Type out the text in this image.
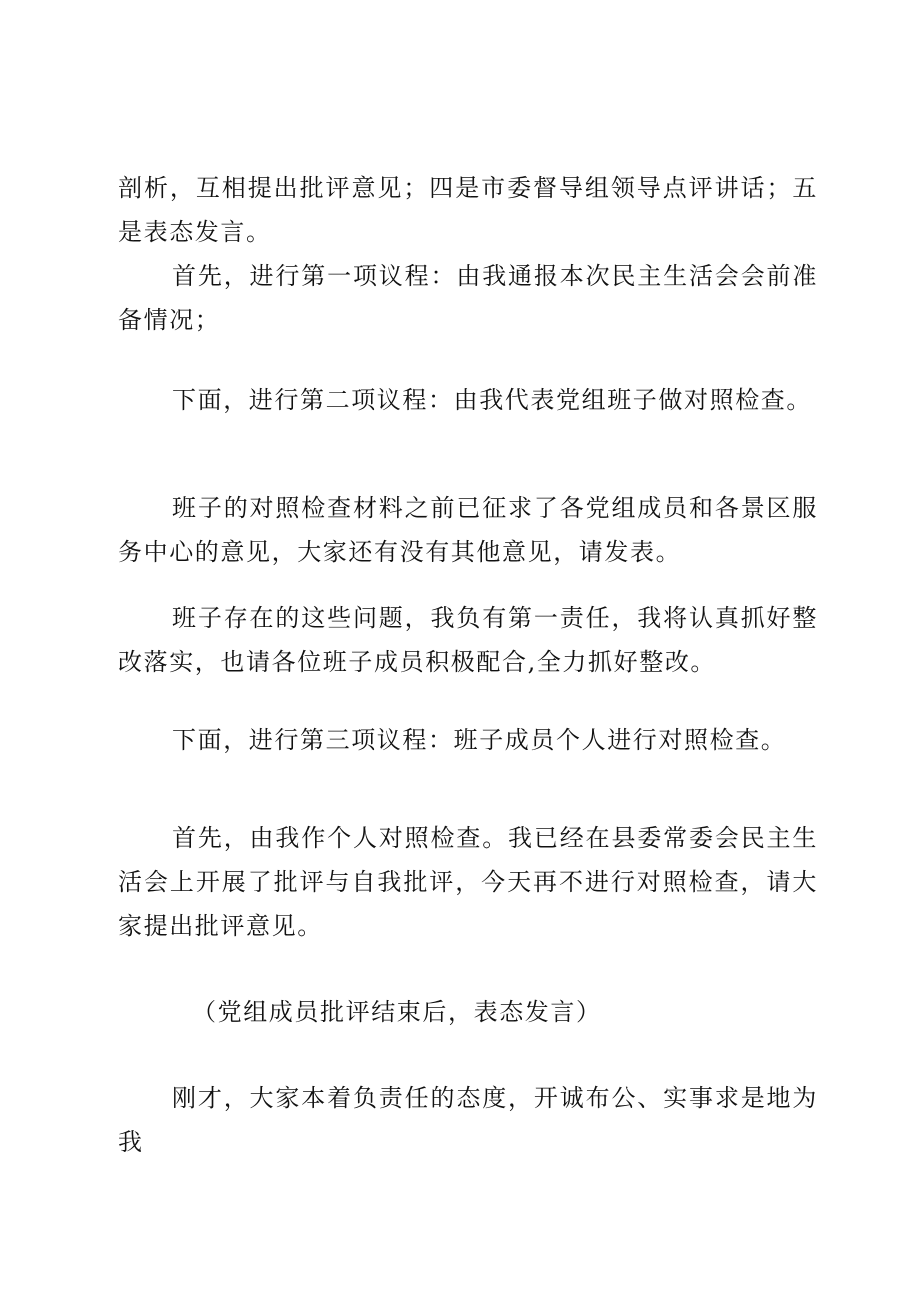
剖析，互相提出批评意见；四是市委督导组领导点评讲话；五是表态发言。

首先，进行第一项议程：由我通报本次民主生活会会前准备情况；

下面，进行第二项议程：由我代表党组班子做对照检查。

班子的对照检查材料之前已征求了各党组成员和各景区服务中心的意见，大家还有没有其他意见，请发表。

班子存在的这些问题，我负有第一责任，我将认真抓好整改落实，也请各位班子成员积极配合,全力抓好整改。

下面，进行第三项议程：班子成员个人进行对照检查。

首先，由我作个人对照检查。我已经在县委常委会民主生活会上开展了批评与自我批评，今天再不进行对照检查，请大家提出批评意见。

（党组成员批评结束后，表态发言）

刚才，大家本着负责任的态度，开诚布公、实事求是地为我
